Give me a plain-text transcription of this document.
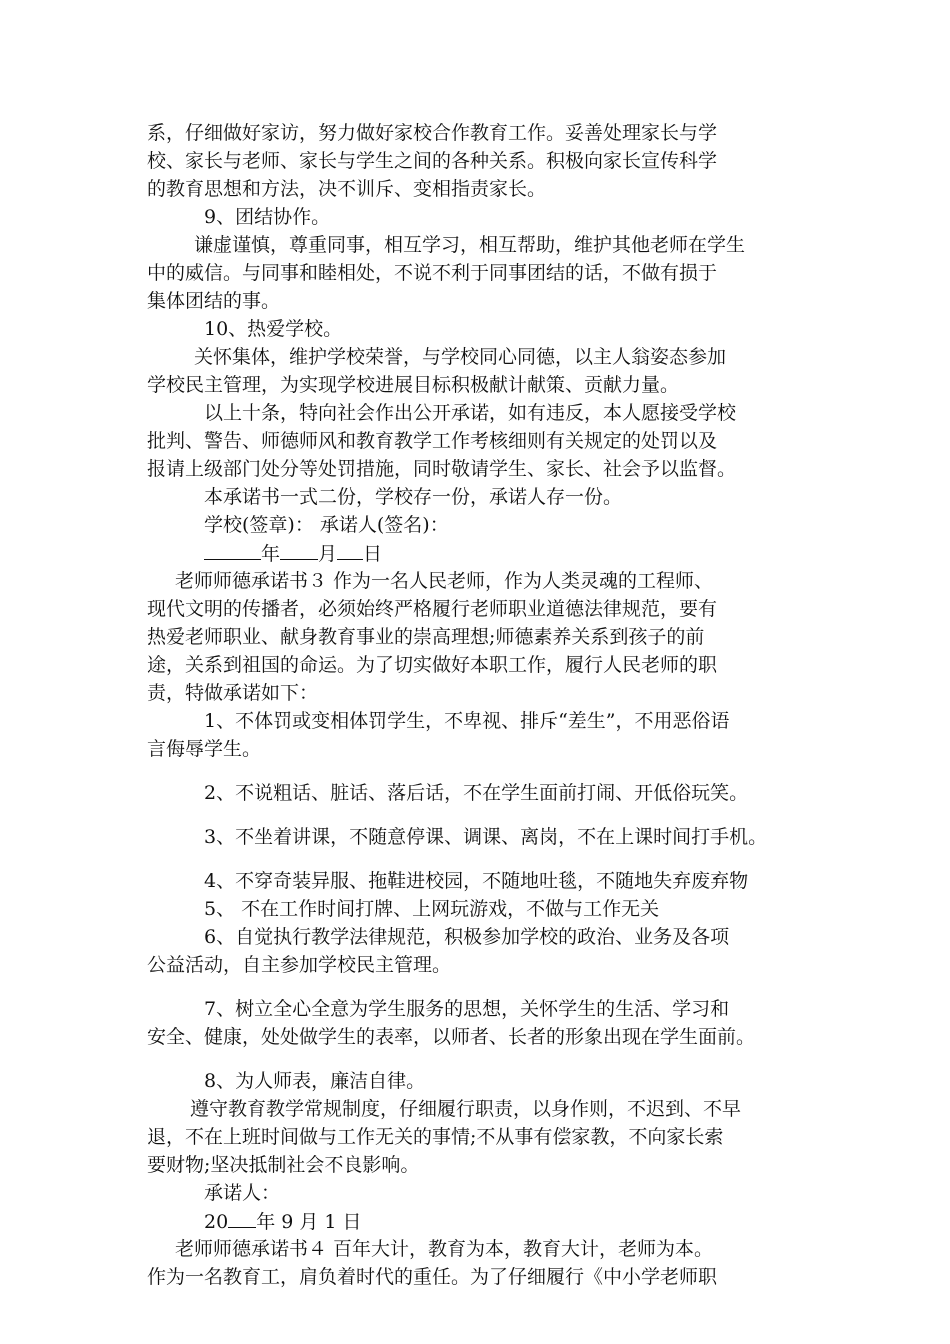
系，仔细做好家访，努力做好家校合作教育工作。妥善处理家长与学
校、家长与老师、家长与学生之间的各种关系。积极向家长宣传科学
的教育思想和方法，决不训斥、变相指责家长。
9、团结协作。
谦虚谨慎，尊重同事，相互学习，相互帮助，维护其他老师在学生
中的威信。与同事和睦相处，不说不利于同事团结的话，不做有损于
集体团结的事。
10、热爱学校。
关怀集体，维护学校荣誉，与学校同心同德，以主人翁姿态参加
学校民主管理，为实现学校进展目标积极献计献策、贡献力量。
以上十条，特向社会作出公开承诺，如有违反，本人愿接受学校
批判、警告、师德师风和教育教学工作考核细则有关规定的处罚以及
报请上级部门处分等处罚措施，同时敬请学生、家长、社会予以监督。
本承诺书一式二份，学校存一份，承诺人存一份。
学校(签章)： 承诺人(签名)：
年 月 日
老师师德承诺书３ 作为一名人民老师，作为人类灵魂的工程师、
现代文明的传播者，必须始终严格履行老师职业道德法律规范，要有
热爱老师职业、献身教育事业的崇高理想;师德素养关系到孩子的前
途，关系到祖国的命运。为了切实做好本职工作，履行人民老师的职
责，特做承诺如下：
1、不体罚或变相体罚学生，不卑视、排斥“差生”，不用恶俗语
言侮辱学生。
2、不说粗话、脏话、落后话，不在学生面前打闹、开低俗玩笑。
3、不坐着讲课，不随意停课、调课、离岗，不在上课时间打手机。
4、不穿奇装异服、拖鞋进校园，不随地吐毯，不随地失弃废弃物
5、 不在工作时间打牌、上网玩游戏，不做与工作无关
6、自觉执行教学法律规范，积极参加学校的政治、业务及各项
公益活动，自主参加学校民主管理。
7、树立全心全意为学生服务的思想，关怀学生的生活、学习和
安全、健康，处处做学生的表率，以师者、长者的形象出现在学生面前。
8、为人师表，廉洁自律。
遵守教育教学常规制度，仔细履行职责，以身作则，不迟到、不早
退，不在上班时间做与工作无关的事情;不从事有偿家教，不向家长索
要财物;坚决抵制社会不良影响。
承诺人：
20 年 9 月 1 日
老师师德承诺书４ 百年大计，教育为本，教育大计，老师为本。
作为一名教育工，肩负着时代的重任。为了仔细履行《中小学老师职
